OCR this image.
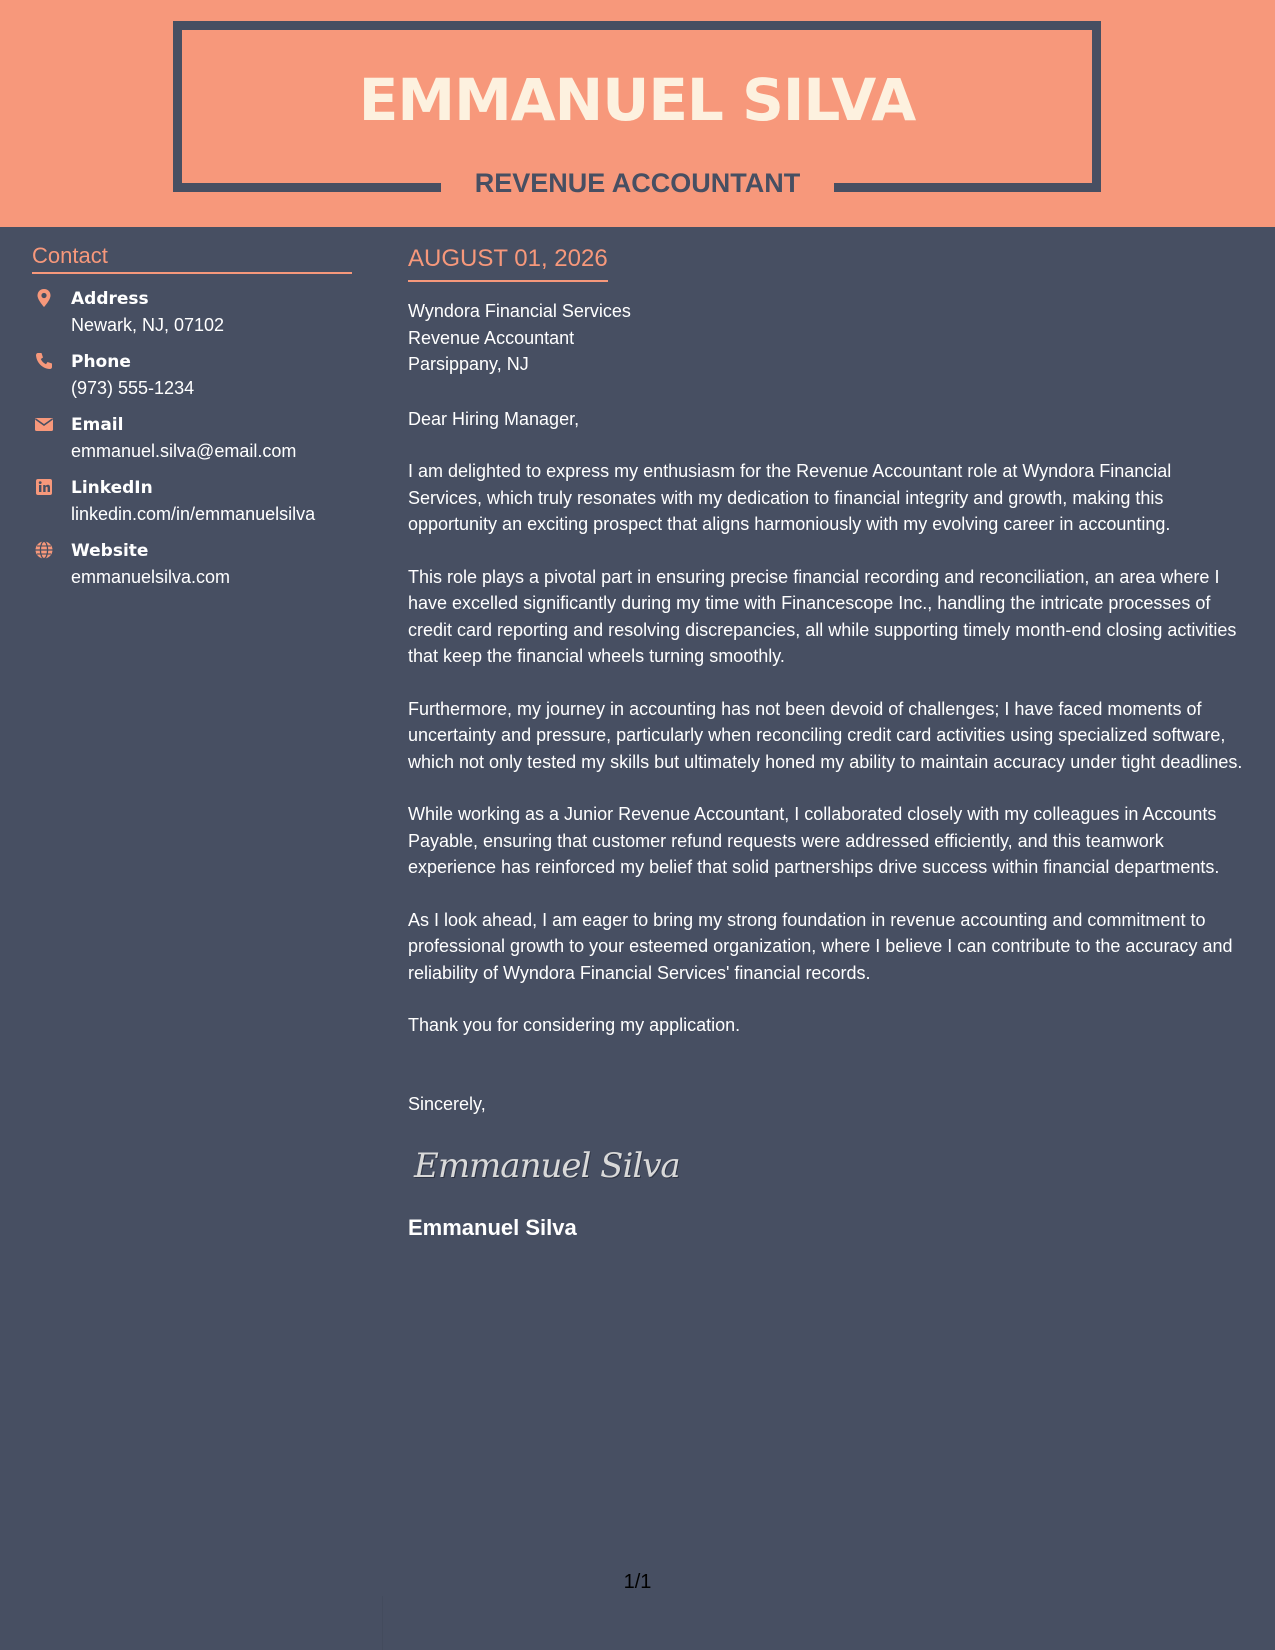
EMMANUEL SILVA
REVENUE ACCOUNTANT
Contact
Address
Newark, NJ, 07102
Phone
(973) 555-1234
Email
emmanuel.silva@email.com
LinkedIn
linkedin.com/in/emmanuelsilva
Website
emmanuelsilva.com
AUGUST 01, 2026
Wyndora Financial Services
Revenue Accountant
Parsippany, NJ

Dear Hiring Manager,

I am delighted to express my enthusiasm for the Revenue Accountant role at Wyndora Financial Services, which truly resonates with my dedication to financial integrity and growth, making this opportunity an exciting prospect that aligns harmoniously with my evolving career in accounting.

This role plays a pivotal part in ensuring precise financial recording and reconciliation, an area where I have excelled significantly during my time with Financescope Inc., handling the intricate processes of credit card reporting and resolving discrepancies, all while supporting timely month-end closing activities that keep the financial wheels turning smoothly.

Furthermore, my journey in accounting has not been devoid of challenges; I have faced moments of uncertainty and pressure, particularly when reconciling credit card activities using specialized software, which not only tested my skills but ultimately honed my ability to maintain accuracy under tight deadlines.

While working as a Junior Revenue Accountant, I collaborated closely with my colleagues in Accounts Payable, ensuring that customer refund requests were addressed efficiently, and this teamwork experience has reinforced my belief that solid partnerships drive success within financial departments.

As I look ahead, I am eager to bring my strong foundation in revenue accounting and commitment to professional growth to your esteemed organization, where I believe I can contribute to the accuracy and reliability of Wyndora Financial Services' financial records.

Thank you for considering my application.

Sincerely,

Emmanuel Silva
Emmanuel Silva
1/1
